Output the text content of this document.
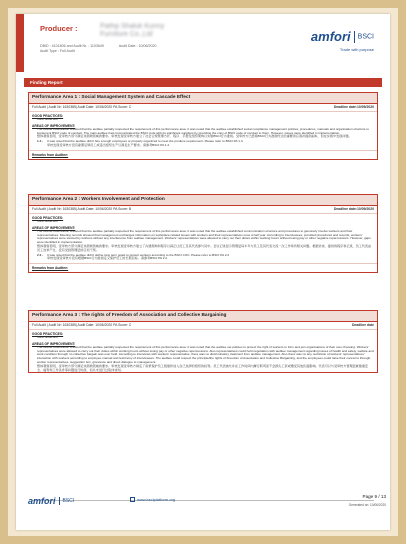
Producer :	Pathiji Shaluk Kunny Furniture Co.,Ltd
DBID : 4101806 and Audit Nr. : 1103649	Audit Date : 10/06/2020
Audit Type : Full Audit
amfori BSCI
Trade with purpose
Finding Report
Performance Area 1 : Social Management System and Cascade Effect
Full Audit | Audit Nr: 1630385| Audit Date: 10/06/2020 PA Score: C	Deadline date:10/09/2020
GOOD PRACTICES:
none observed
AREAS OF IMPROVEMENT:
The overall observation showed that the auditee partially respected the requirement of this performance area. It was noted that the auditee established social compliance management policies, procedures, manuals and organisation structure to implement BSCI code of conduct. The main auditee had communicated the BSCI code with its significant suppliers by providing the copy of BSCI code of conduct to them. However, issues were identified in implementation.
整体观察表明，受审核方部分满足该绩效领域的要求。审核发现受审核方建立了社会合规管理方针、程序、手册及组织架构以实施BSCI行为准则。受审核方已经将BSCI行为准则传达给重要供应商并提供副本，但在实施中发现问题。
1.4 - It was noted that the auditee didn't hire enough employees or properly organized to meet the produce requirement. Please refer to BSCI PA 1.4.
审核发现受审核方没有雇佣足够员工或适当组织生产以满足生产要求。请参考BSCI PA 1.4
Remarks from Auditee:
Performance Area 2 : Workers Involvement and Protection
Full Audit | Audit Nr: 1630385| Audit Date: 10/06/2020 PA Score: B	Deadline date:10/09/2020
GOOD PRACTICES:
none observed
AREAS OF IMPROVEMENT:
The overall observation showed that the auditee partially respected the requirement of this performance area. It was noted that the auditee established communication structure and procedures to genuinely involve workers and their representatives. Meeting records showed that management exchanges information on workplace-related issues with workers and their representatives once a half year. According to interviewees, provided procedures and records, workers' representatives were elected by workers without any interference from auditee management. Workers' representatives were allowed to carry out their duties within working hours without losing pay or other negative repercussions. However, gaps were identified in implementation.
整体观察表明，受审核方部分满足该绩效领域的要求。审核发现受审核方建立了沟通架构和程序以真正让员工及其代表参与其中。会议记录显示管理层每半年与员工及其代表交流一次工作场所相关问题。根据访谈、提供的程序和记录，员工代表由员工选举产生，没有受到管理层的任何干预。
2.2 - It was noted that the auditee didn't define long term goals to protect workers according to the BSCI COC. Please refer to BSCI PA 2.2
审核发现受审核方没有根据BSCI行为准则定义保护员工的长期目标。请参考BSCI PA 2.2
Remarks from Auditee:
Performance Area 3 : The rights of Freedom of Association and Collective Bargaining
Full Audit | Audit Nr: 1630385| Audit Date: 10/06/2020 PA Score: C	Deadline date
GOOD PRACTICES:
none observed
AREAS OF IMPROVEMENT:
The overall observation showed that the auditee partially respected the requirement of this performance area. It was noted that the auditee set policies to protect the right of workers to form and join organisations of their own choosing. Workers' representatives were allowed to carry out their duties within working hours without losing pay or other negative repercussions. Also representatives could hold negotiation with auditee management regarding issues of health and safety, welfare and work condition through no collective bargain was ever held. According to interviews with workers' representative, there was no discriminatory treatment from auditee management. Also there was no any restriction of workers' representatives' interaction with workers according to employee manual and testimony of interviewees. The auditee could respect the principle/the rights of Freedom of Association and Collective Bargaining, and the employees could raise their concerns through, worker representatives, suggestion box, grievance and direct dialogue to management.
整体观察表明，受审核方部分满足该绩效领域的要求。审核发现受审核方制定了政策保护员工组建和加入自己选择的组织的权利。员工代表被允许在工作时间内履行职责而不会损失工资或遭受其他负面影响。代表可以与受审核方管理层就健康安全、福利和工作条件等问题进行协商，但从未进行过集体谈判。
amfori BSCI	www.bsciplatform.org
Page 9 / 13
Generated on: 10/06/2020
